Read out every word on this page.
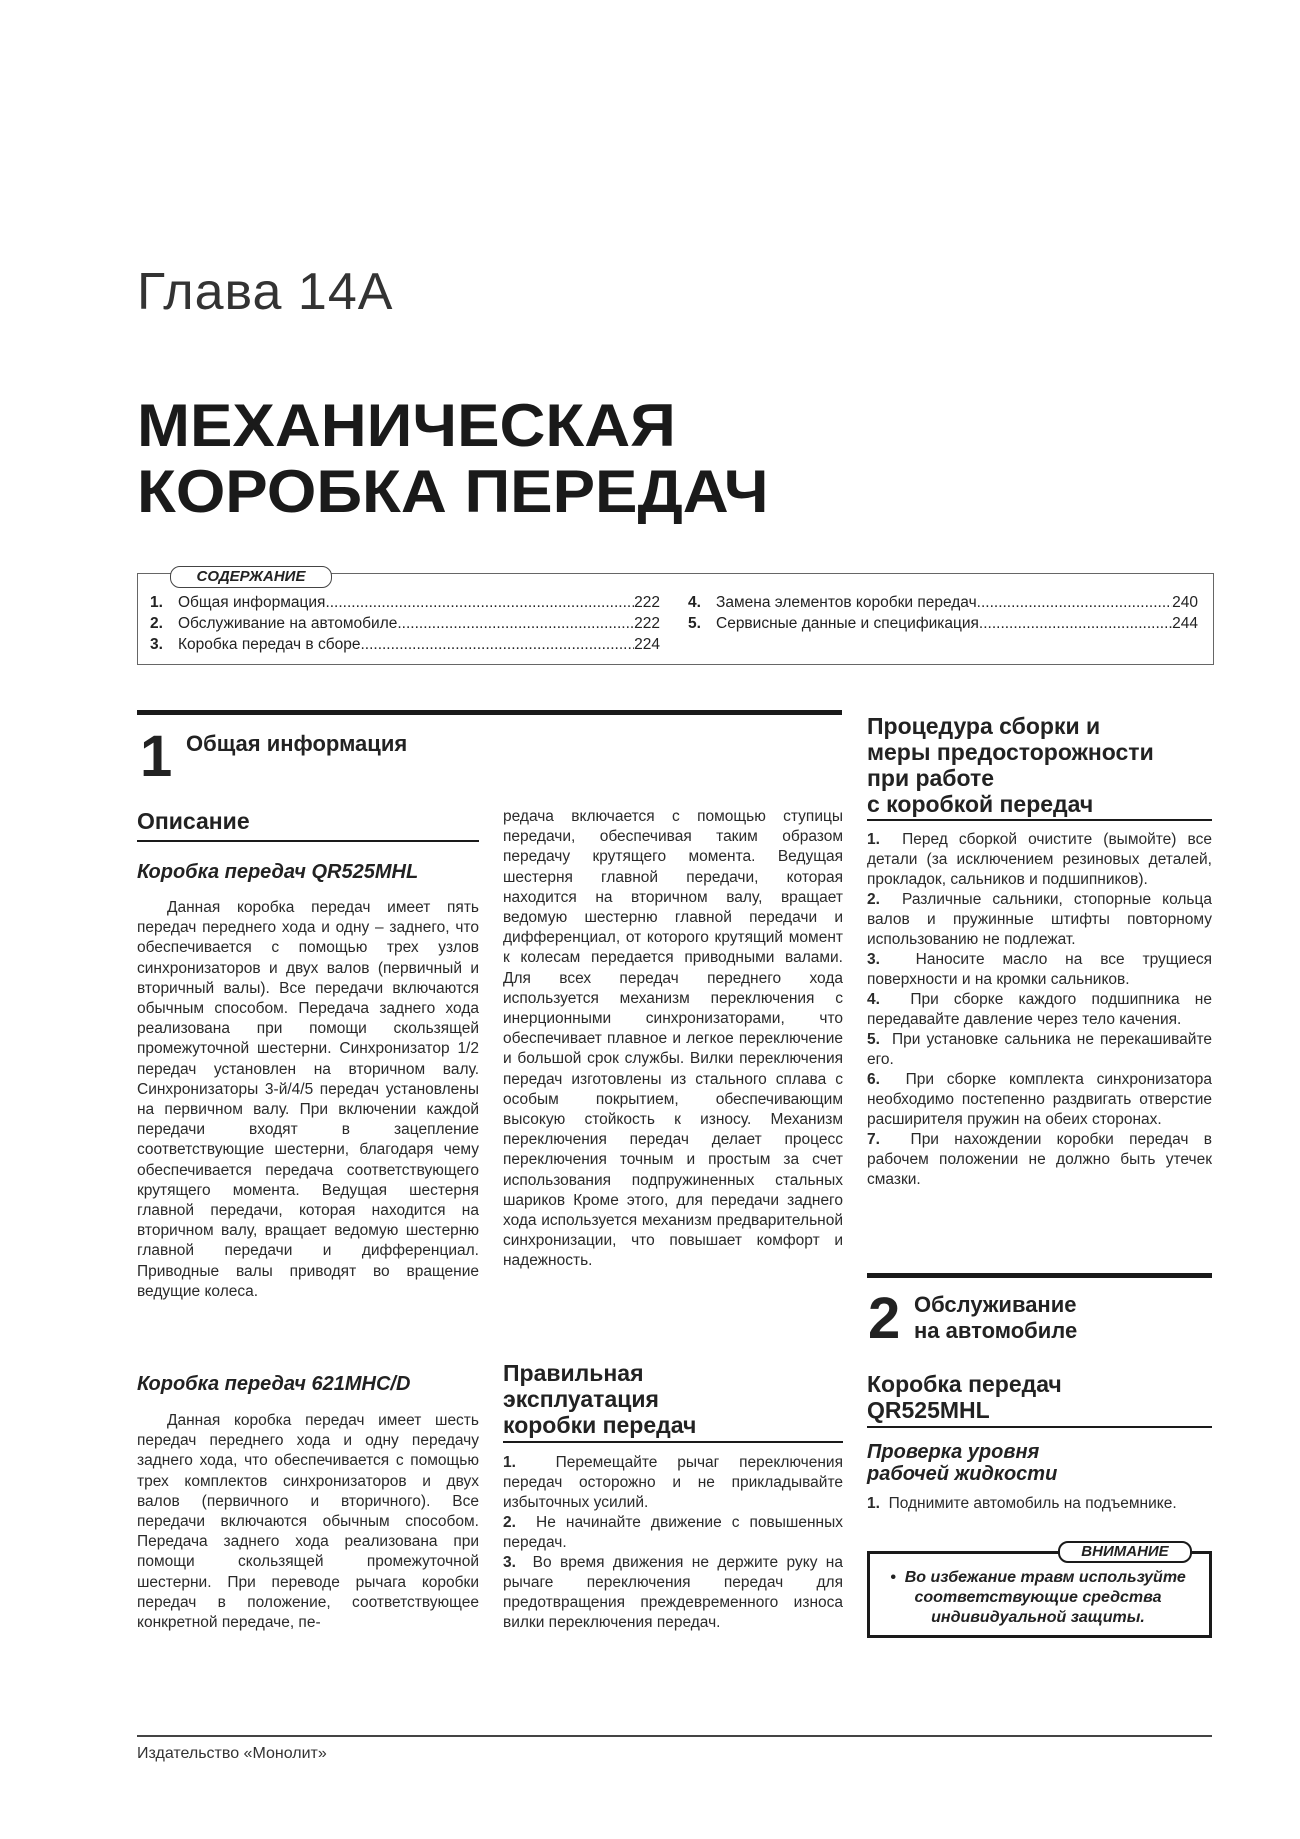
Глава 14А
МЕХАНИЧЕСКАЯ
КОРОБКА ПЕРЕДАЧ
СОДЕРЖАНИЕ
1. Общая информация .....	222
2. Обслуживание на автомобиле .....	222
3. Коробка передач в сборе .....	224
4. Замена элементов коробки передач .....	240
5. Сервисные данные и спецификация .....	244
1 Общая информация
Описание
Коробка передач QR525MHL

Данная коробка передач имеет пять передач переднего хода и одну – заднего, что обеспечивается с помощью трех узлов синхронизаторов и двух валов (первичный и вторичный валы). Все передачи включаются обычным способом. Передача заднего хода реализована при помощи скользящей промежуточной шестерни. Синхронизатор 1/2 передач установлен на вторичном валу. Синхронизаторы 3-й/4/5 передач установлены на первичном валу. При включении каждой передачи входят в зацепление соответствующие шестерни, благодаря чему обеспечивается передача соответствующего крутящего момента. Ведущая шестерня главной передачи, которая находится на вторичном валу, вращает ведомую шестерню главной передачи и дифференциал. Приводные валы приводят во вращение ведущие колеса.

Коробка передач 621MHC/D

Данная коробка передач имеет шесть передач переднего хода и одну передачу заднего хода, что обеспечивается с помощью трех комплектов синхронизаторов и двух валов (первичного и вторичного). Все передачи включаются обычным способом. Передача заднего хода реализована при помощи скользящей промежуточной шестерни. При переводе рычага коробки передач в положение, соответствующее конкретной передаче, пе-

редача включается с помощью ступицы передачи, обеспечивая таким образом передачу крутящего момента. Ведущая шестерня главной передачи, которая находится на вторичном валу, вращает ведомую шестерню главной передачи и дифференциал, от которого крутящий момент к колесам передается приводными валами. Для всех передач переднего хода используется механизм переключения с инерционными синхронизаторами, что обеспечивает плавное и легкое переключение и большой срок службы. Вилки переключения передач изготовлены из стального сплава с особым покрытием, обеспечивающим высокую стойкость к износу. Механизм переключения передач делает процесс переключения точным и простым за счет использования подпружиненных стальных шариков Кроме этого, для передачи заднего хода используется механизм предварительной синхронизации, что повышает комфорт и надежность.

Правильная
эксплуатация
коробки передач
1.	Перемещайте рычаг переключения передач осторожно и не прикладывайте избыточных усилий.
2. Не начинайте движение с повышенных передач.
3. Во время движения не держите руку на рычаге переключения передач для предотвращения преждевременного износа вилки переключения передач.
Процедура сборки и
меры предосторожности
при работе
с коробкой передач
1. Перед сборкой очистите (вымойте) все детали (за исключением резиновых деталей, прокладок, сальников и подшипников).
2. Различные сальники, стопорные кольца валов и пружинные штифты повторному использованию не подлежат.
3. Наносите масло на все трущиеся поверхности и на кромки сальников.
4. При сборке каждого подшипника не передавайте давление через тело качения.
5. При установке сальника не перекашивайте его.
6. При сборке комплекта синхронизатора необходимо постепенно раздвигать отверстие расширителя пружин на обеих сторонах.
7. При нахождении коробки передач в рабочем положении не должно быть утечек смазки.
2 Обслуживание
на автомобиле
Коробка передач
QR525MHL
Проверка уровня
рабочей жидкости
1. Поднимите автомобиль на подъемнике.
ВНИМАНИЕ
• Во избежание травм используйте соответствующие средства индивидуальной защиты.
Издательство «Монолит»
